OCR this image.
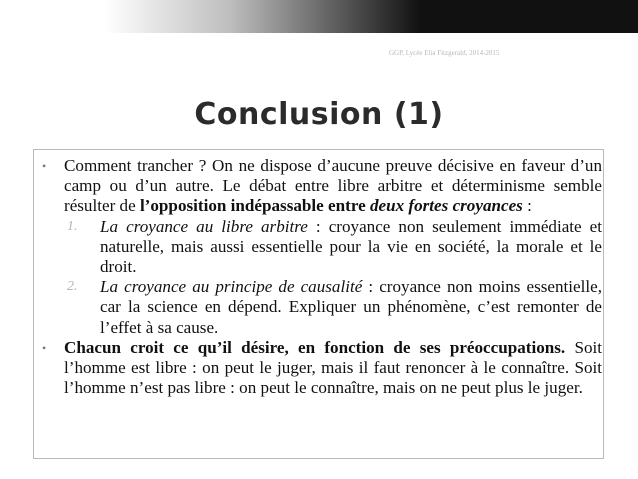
GGP, Lycée Elia Fitzgerald, 2014-2015
Conclusion (1)

• Comment trancher ? On ne dispose d’aucune preuve décisive en faveur d’un camp ou d’un autre. Le débat entre libre arbitre et déterminisme semble résulter de l’opposition indépassable entre deux fortes croyances :

1. La croyance au libre arbitre : croyance non seulement immédiate et naturelle, mais aussi essentielle pour la vie en société, la morale et le droit.

2. La croyance au principe de causalité : croyance non moins essentielle, car la science en dépend. Expliquer un phénomène, c’est remonter de l’effet à sa cause.

• Chacun croit ce qu’il désire, en fonction de ses préoccupations. Soit l’homme est libre : on peut le juger, mais il faut renoncer à le connaître. Soit l’homme n’est pas libre : on peut le connaître, mais on ne peut plus le juger.
